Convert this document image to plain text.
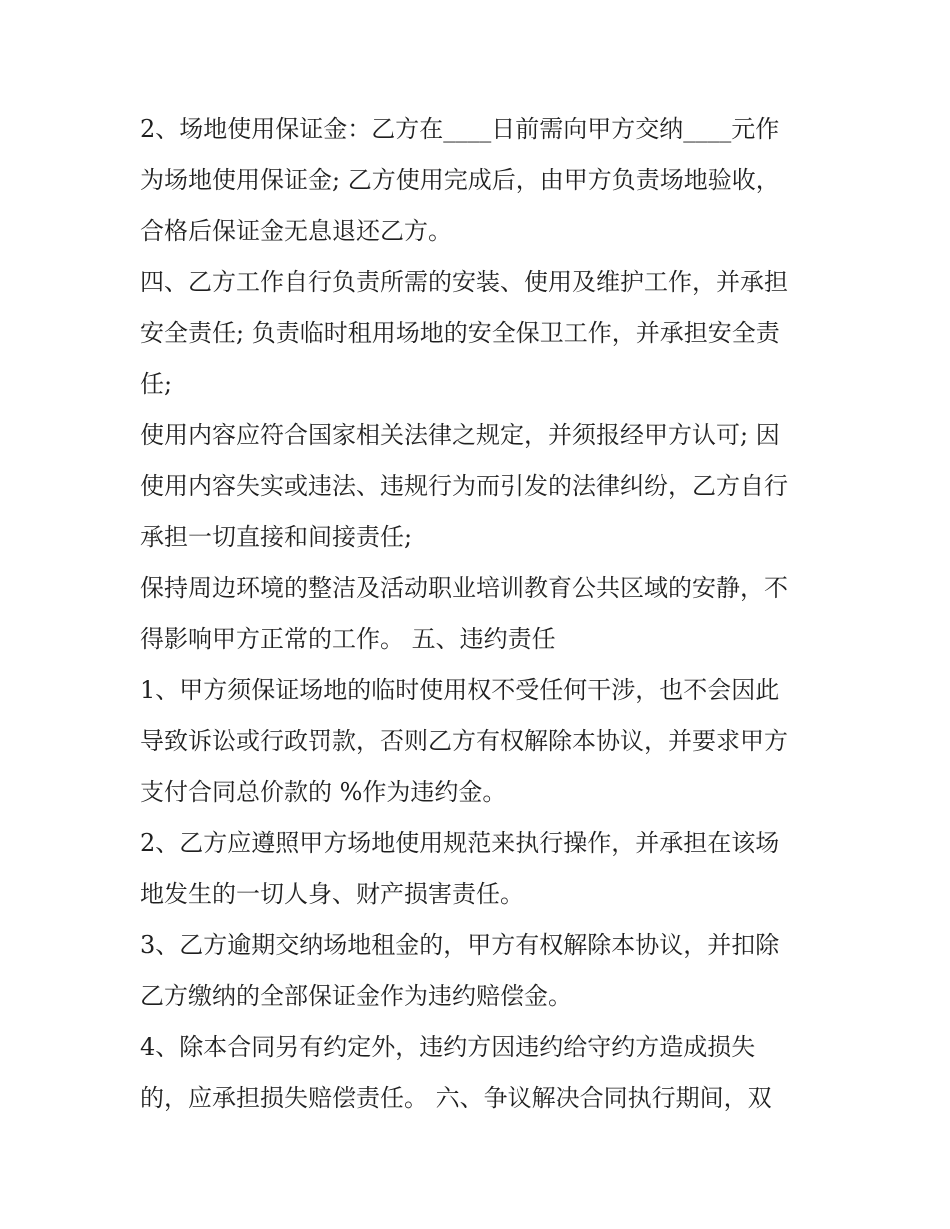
2、场地使用保证金：乙方在____日前需向甲方交纳____元作
为场地使用保证金; 乙方使用完成后，由甲方负责场地验收，
合格后保证金无息退还乙方。
四、乙方工作自行负责所需的安装、使用及维护工作，并承担
安全责任; 负责临时租用场地的安全保卫工作，并承担安全责
任;
使用内容应符合国家相关法律之规定，并须报经甲方认可; 因
使用内容失实或违法、违规行为而引发的法律纠纷，乙方自行
承担一切直接和间接责任;
保持周边环境的整洁及活动职业培训教育公共区域的安静，不
得影响甲方正常的工作。 五、违约责任
1、甲方须保证场地的临时使用权不受任何干涉，也不会因此
导致诉讼或行政罚款，否则乙方有权解除本协议，并要求甲方
支付合同总价款的 %作为违约金。
2、乙方应遵照甲方场地使用规范来执行操作，并承担在该场
地发生的一切人身、财产损害责任。
3、乙方逾期交纳场地租金的，甲方有权解除本协议，并扣除
乙方缴纳的全部保证金作为违约赔偿金。
4、除本合同另有约定外，违约方因违约给守约方造成损失
的，应承担损失赔偿责任。 六、争议解决合同执行期间，双
